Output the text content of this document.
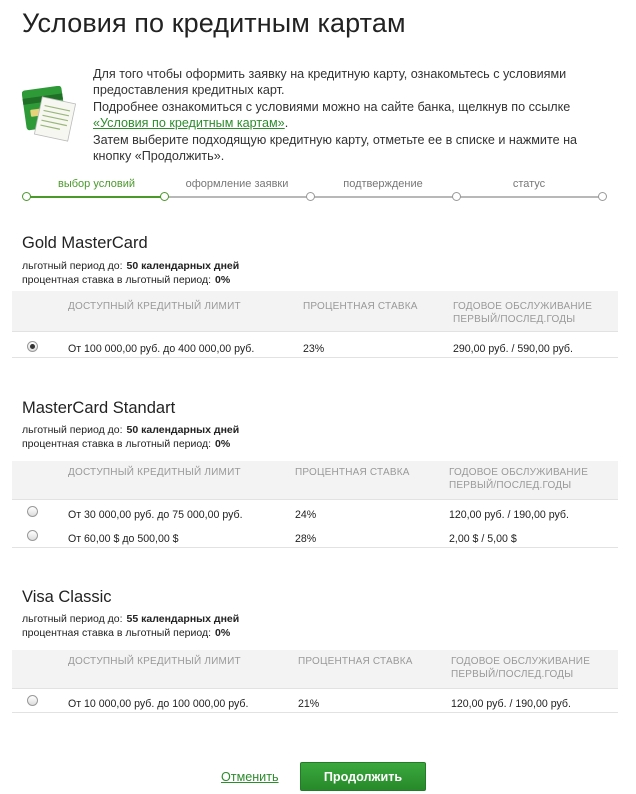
Условия по кредитным картам
Для того чтобы оформить заявку на кредитную карту, ознакомьтесь с условиями предоставления кредитных карт.
Подробнее ознакомиться с условиями можно на сайте банка, щелкнув по ссылке
«Условия по кредитным картам».
Затем выберите подходящую кредитную карту, отметьте ее в списке и нажмите на кнопку «Продолжить».
выбор условий	оформление заявки	подтверждение	статус
Gold MasterCard
льготный период до: 50 календарных дней
процентная ставка в льготный период: 0%
ДОСТУПНЫЙ КРЕДИТНЫЙ ЛИМИТ	ПРОЦЕНТНАЯ СТАВКА	ГОДОВОЕ ОБСЛУЖИВАНИЕ
ПЕРВЫЙ/ПОСЛЕД.ГОДЫ
От 100 000,00 руб. до 400 000,00 руб.	23%	290,00 руб. / 590,00 руб.
MasterCard Standart
льготный период до: 50 календарных дней
процентная ставка в льготный период: 0%
ДОСТУПНЫЙ КРЕДИТНЫЙ ЛИМИТ	ПРОЦЕНТНАЯ СТАВКА	ГОДОВОЕ ОБСЛУЖИВАНИЕ
ПЕРВЫЙ/ПОСЛЕД.ГОДЫ
От 30 000,00 руб. до 75 000,00 руб.	24%	120,00 руб. / 190,00 руб.
От 60,00 $ до 500,00 $	28%	2,00 $ / 5,00 $
Visa Classic
льготный период до: 55 календарных дней
процентная ставка в льготный период: 0%
ДОСТУПНЫЙ КРЕДИТНЫЙ ЛИМИТ	ПРОЦЕНТНАЯ СТАВКА	ГОДОВОЕ ОБСЛУЖИВАНИЕ
ПЕРВЫЙ/ПОСЛЕД.ГОДЫ
От 10 000,00 руб. до 100 000,00 руб.	21%	120,00 руб. / 190,00 руб.
Отменить	Продолжить
